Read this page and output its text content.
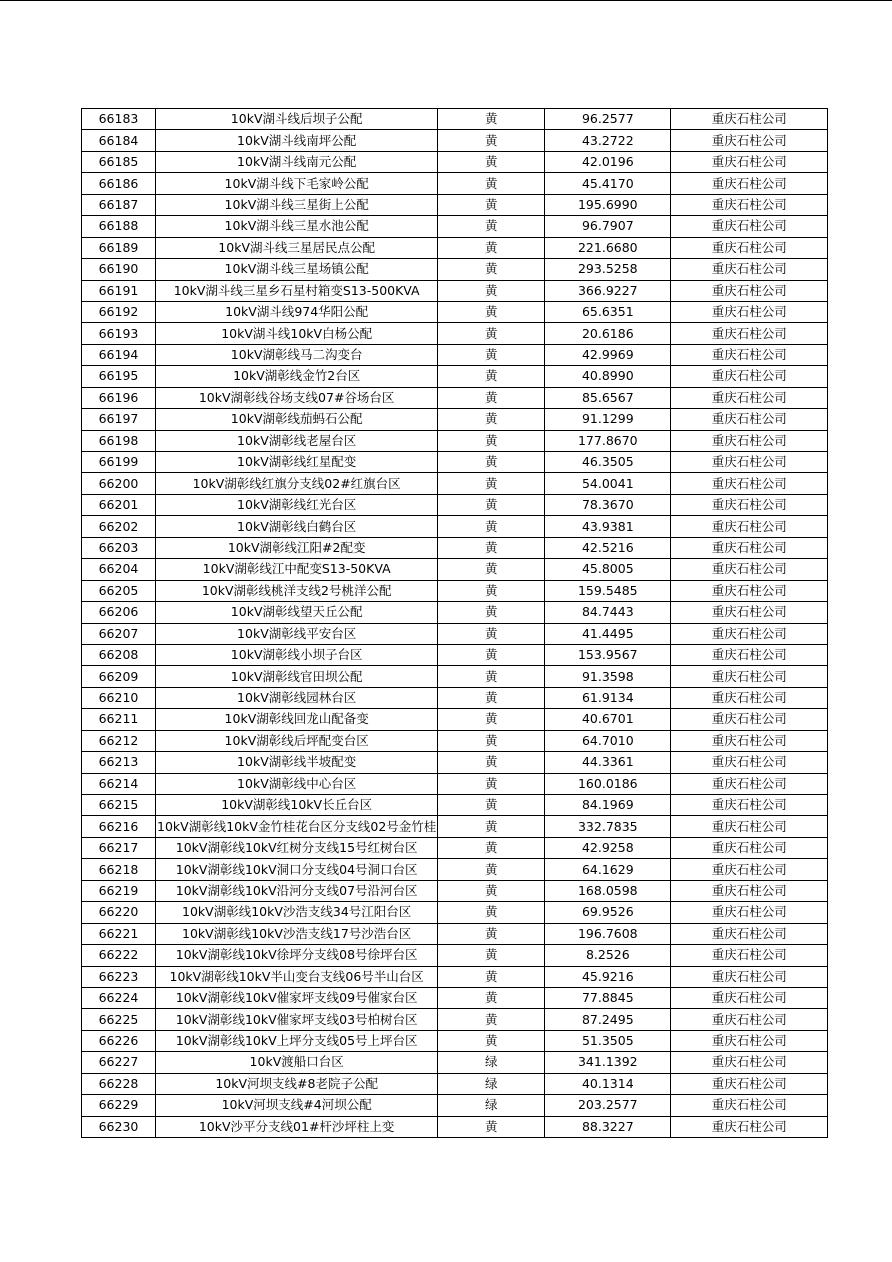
66183	10kV湖斗线后坝子公配	黄	96.2577	重庆石柱公司
66184	10kV湖斗线南坪公配	黄	43.2722	重庆石柱公司
66185	10kV湖斗线南元公配	黄	42.0196	重庆石柱公司
66186	10kV湖斗线下毛家岭公配	黄	45.4170	重庆石柱公司
66187	10kV湖斗线三星街上公配	黄	195.6990	重庆石柱公司
66188	10kV湖斗线三星水池公配	黄	96.7907	重庆石柱公司
66189	10kV湖斗线三星居民点公配	黄	221.6680	重庆石柱公司
66190	10kV湖斗线三星场镇公配	黄	293.5258	重庆石柱公司
66191	10kV湖斗线三星乡石星村箱变S13-500KVA	黄	366.9227	重庆石柱公司
66192	10kV湖斗线974华阳公配	黄	65.6351	重庆石柱公司
66193	10kV湖斗线10kV白杨公配	黄	20.6186	重庆石柱公司
66194	10kV湖彰线马二沟变台	黄	42.9969	重庆石柱公司
66195	10kV湖彰线金竹2台区	黄	40.8990	重庆石柱公司
66196	10kV湖彰线谷场支线07#谷场台区	黄	85.6567	重庆石柱公司
66197	10kV湖彰线茄蚂石公配	黄	91.1299	重庆石柱公司
66198	10kV湖彰线老屋台区	黄	177.8670	重庆石柱公司
66199	10kV湖彰线红星配变	黄	46.3505	重庆石柱公司
66200	10kV湖彰线红旗分支线02#红旗台区	黄	54.0041	重庆石柱公司
66201	10kV湖彰线红光台区	黄	78.3670	重庆石柱公司
66202	10kV湖彰线白鹤台区	黄	43.9381	重庆石柱公司
66203	10kV湖彰线江阳#2配变	黄	42.5216	重庆石柱公司
66204	10kV湖彰线江中配变S13-50KVA	黄	45.8005	重庆石柱公司
66205	10kV湖彰线桃洋支线2号桃洋公配	黄	159.5485	重庆石柱公司
66206	10kV湖彰线望天丘公配	黄	84.7443	重庆石柱公司
66207	10kV湖彰线平安台区	黄	41.4495	重庆石柱公司
66208	10kV湖彰线小坝子台区	黄	153.9567	重庆石柱公司
66209	10kV湖彰线官田坝公配	黄	91.3598	重庆石柱公司
66210	10kV湖彰线园林台区	黄	61.9134	重庆石柱公司
66211	10kV湖彰线回龙山配备变	黄	40.6701	重庆石柱公司
66212	10kV湖彰线后坪配变台区	黄	64.7010	重庆石柱公司
66213	10kV湖彰线半坡配变	黄	44.3361	重庆石柱公司
66214	10kV湖彰线中心台区	黄	160.0186	重庆石柱公司
66215	10kV湖彰线10kV长丘台区	黄	84.1969	重庆石柱公司
66216	10kV湖彰线10kV金竹桂花台区分支线02号金竹桂	黄	332.7835	重庆石柱公司
66217	10kV湖彰线10kV红树分支线15号红树台区	黄	42.9258	重庆石柱公司
66218	10kV湖彰线10kV洞口分支线04号洞口台区	黄	64.1629	重庆石柱公司
66219	10kV湖彰线10kV沿河分支线07号沿河台区	黄	168.0598	重庆石柱公司
66220	10kV湖彰线10kV沙浩支线34号江阳台区	黄	69.9526	重庆石柱公司
66221	10kV湖彰线10kV沙浩支线17号沙浩台区	黄	196.7608	重庆石柱公司
66222	10kV湖彰线10kV徐坪分支线08号徐坪台区	黄	8.2526	重庆石柱公司
66223	10kV湖彰线10kV半山变台支线06号半山台区	黄	45.9216	重庆石柱公司
66224	10kV湖彰线10kV催家坪支线09号催家台区	黄	77.8845	重庆石柱公司
66225	10kV湖彰线10kV催家坪支线03号柏树台区	黄	87.2495	重庆石柱公司
66226	10kV湖彰线10kV上坪分支线05号上坪台区	黄	51.3505	重庆石柱公司
66227	10kV渡船口台区	绿	341.1392	重庆石柱公司
66228	10kV河坝支线#8老院子公配	绿	40.1314	重庆石柱公司
66229	10kV河坝支线#4河坝公配	绿	203.2577	重庆石柱公司
66230	10kV沙平分支线01#杆沙坪柱上变	黄	88.3227	重庆石柱公司
